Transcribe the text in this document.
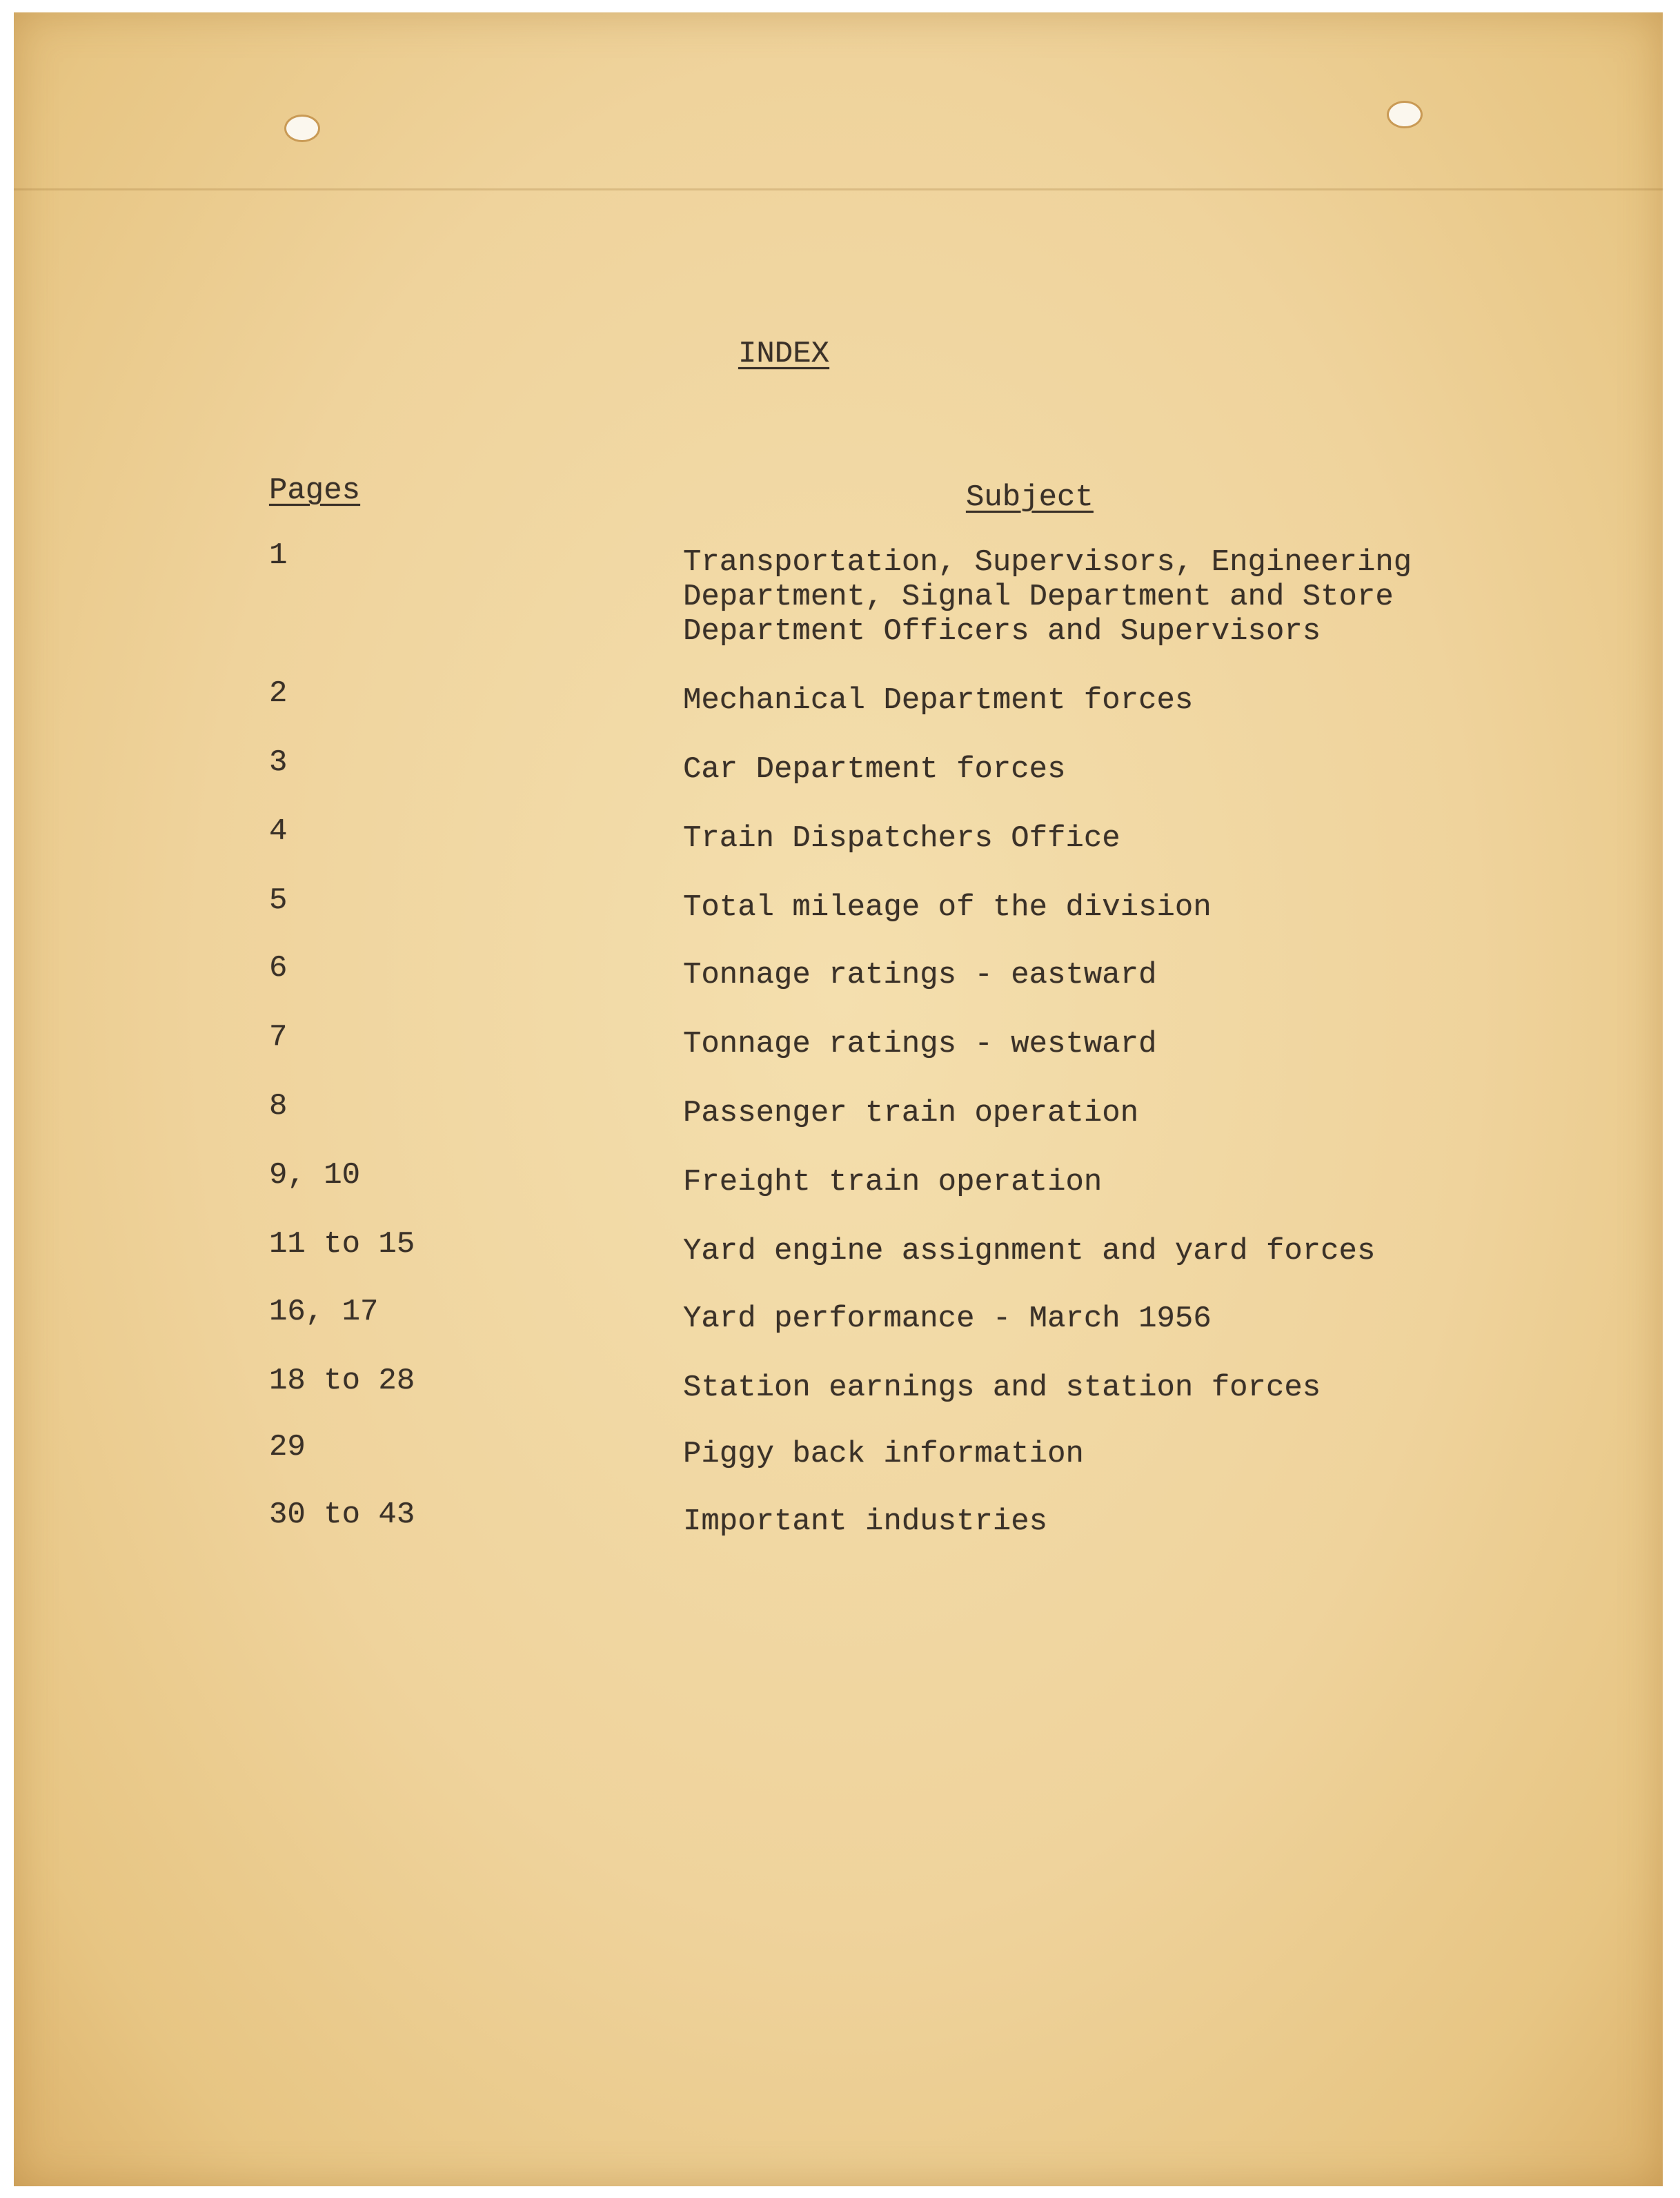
INDEX
Pages	Subject
1	Transportation, Supervisors, Engineering
Department, Signal Department and Store
Department Officers and Supervisors
2	Mechanical Department forces
3	Car Department forces
4	Train Dispatchers Office
5	Total mileage of the division
6	Tonnage ratings - eastward
7	Tonnage ratings - westward
8	Passenger train operation
9, 10	Freight train operation
11 to 15	Yard engine assignment and yard forces
16, 17	Yard performance - March 1956
18 to 28	Station earnings and station forces
29	Piggy back information
30 to 43	Important industries
